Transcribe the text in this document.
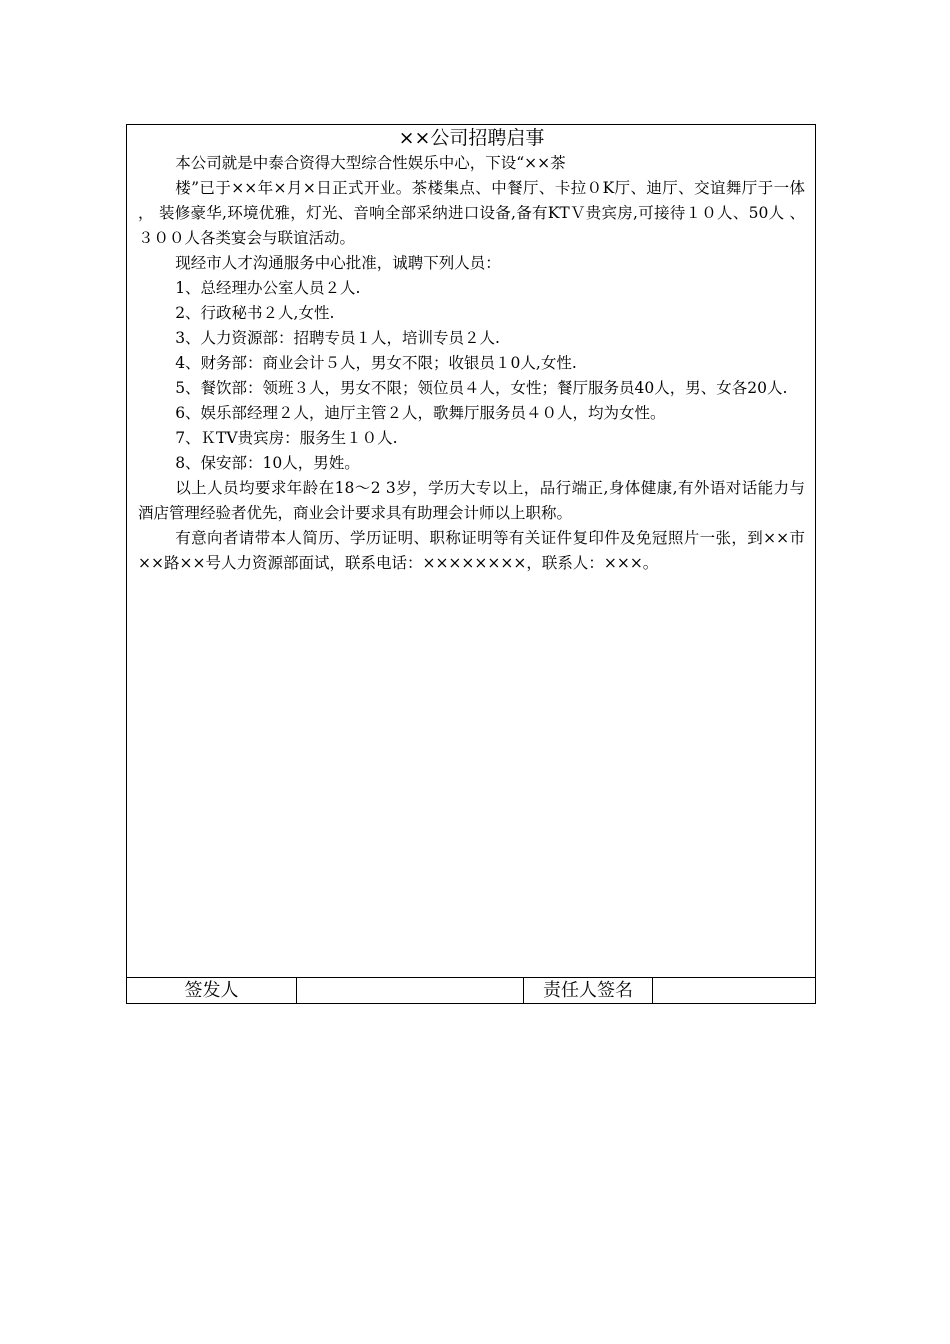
××公司招聘启事

本公司就是中泰合资得大型综合性娱乐中心，下设“××茶

楼”已于××年×月×日正式开业。茶楼集点、中餐厅、卡拉０K厅、迪厅、交谊舞厅于一体 ， 装修豪华,环境优雅，灯光、音响全部采纳进口设备,备有KTＶ贵宾房,可接待１０人、50人 、３００人各类宴会与联谊活动。

现经市人才沟通服务中心批准，诚聘下列人员：

1、总经理办公室人员２人.

2、行政秘书２人,女性.

3、人力资源部：招聘专员１人，培训专员２人.

4、财务部：商业会计５人，男女不限；收银员１0人,女性.

5、餐饮部：领班３人，男女不限；领位员４人，女性；餐厅服务员40人，男、女各20人.

6、娱乐部经理２人，迪厅主管２人，歌舞厅服务员４０人，均为女性。

7、ＫTV贵宾房：服务生１０人.

8、保安部：10人，男姓。

以上人员均要求年龄在18～2 3岁，学历大专以上，品行端正,身体健康,有外语对话能力与　酒店管理经验者优先，商业会计要求具有助理会计师以上职称。

有意向者请带本人简历、学历证明、职称证明等有关证件复印件及免冠照片一张，到××市 ××路××号人力资源部面试，联系电话：××××××××，联系人：×××。

签发人		责任人签名	
